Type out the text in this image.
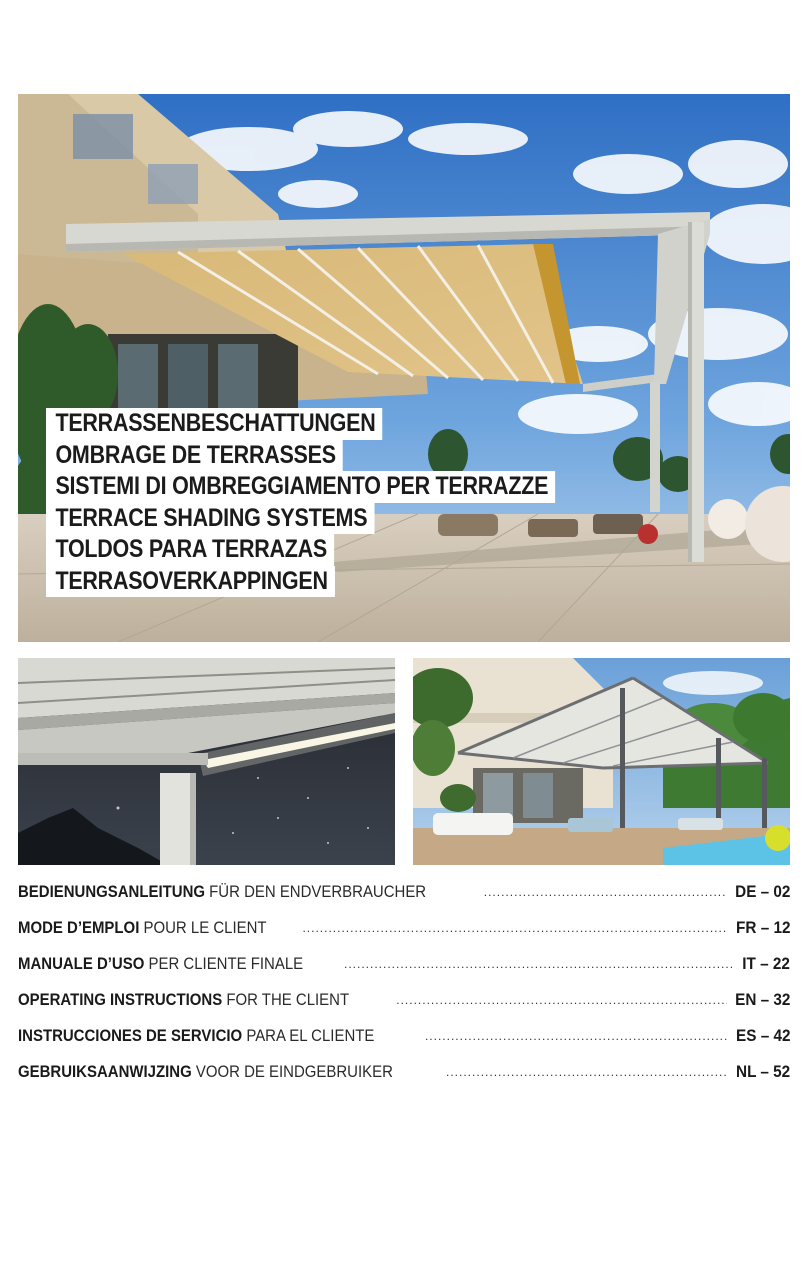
TERRASSENBESCHATTUNGEN
OMBRAGE DE TERRASSES
SISTEMI DI OMBREGGIAMENTO PER TERRAZZE
TERRACE SHADING SYSTEMS
TOLDOS PARA TERRAZAS
TERRASOVERKAPPINGEN
BEDIENUNGSANLEITUNG FÜR DEN ENDVERBRAUCHER .....	DE – 02
MODE D’EMPLOI POUR LE CLIENT .....	FR – 12
MANUALE D’USO PER CLIENTE FINALE .....	IT – 22
OPERATING INSTRUCTIONS FOR THE CLIENT .....	EN – 32
INSTRUCCIONES DE SERVICIO PARA EL CLIENTE .....	ES – 42
GEBRUIKSAANWIJZING VOOR DE EINDGEBRUIKER .....	NL – 52
